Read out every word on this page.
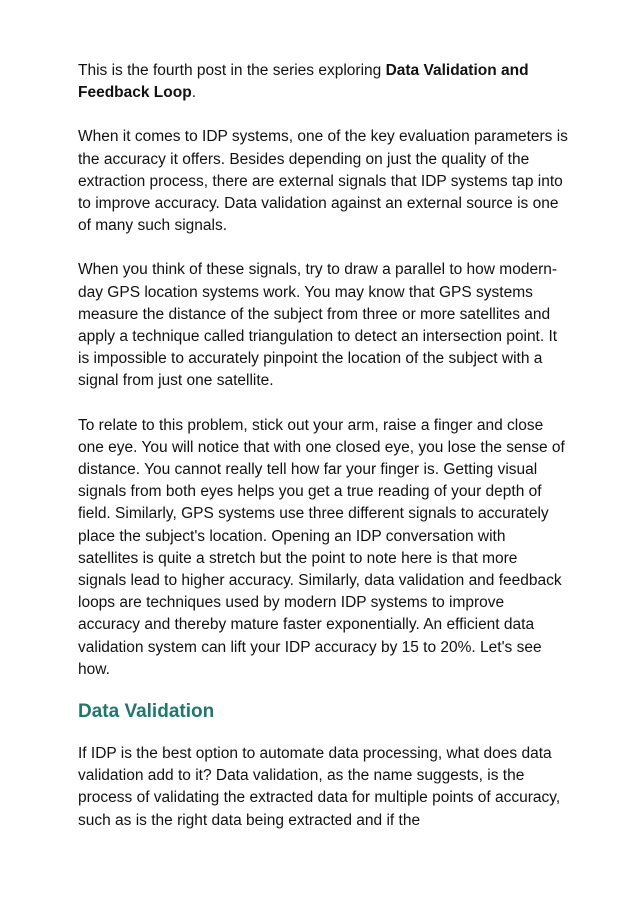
This is the fourth post in the series exploring Data Validation and Feedback Loop.

When it comes to IDP systems, one of the key evaluation parameters is the accuracy it offers. Besides depending on just the quality of the extraction process, there are external signals that IDP systems tap into to improve accuracy. Data validation against an external source is one of many such signals.

When you think of these signals, try to draw a parallel to how modern-day GPS location systems work. You may know that GPS systems measure the distance of the subject from three or more satellites and apply a technique called triangulation to detect an intersection point. It is impossible to accurately pinpoint the location of the subject with a signal from just one satellite.

To relate to this problem, stick out your arm, raise a finger and close one eye. You will notice that with one closed eye, you lose the sense of distance. You cannot really tell how far your finger is. Getting visual signals from both eyes helps you get a true reading of your depth of field. Similarly, GPS systems use three different signals to accurately place the subject's location. Opening an IDP conversation with satellites is quite a stretch but the point to note here is that more signals lead to higher accuracy. Similarly, data validation and feedback loops are techniques used by modern IDP systems to improve accuracy and thereby mature faster exponentially. An efficient data validation system can lift your IDP accuracy by 15 to 20%. Let's see how.

Data Validation

If IDP is the best option to automate data processing, what does data validation add to it? Data validation, as the name suggests, is the process of validating the extracted data for multiple points of accuracy, such as is the right data being extracted and if the
